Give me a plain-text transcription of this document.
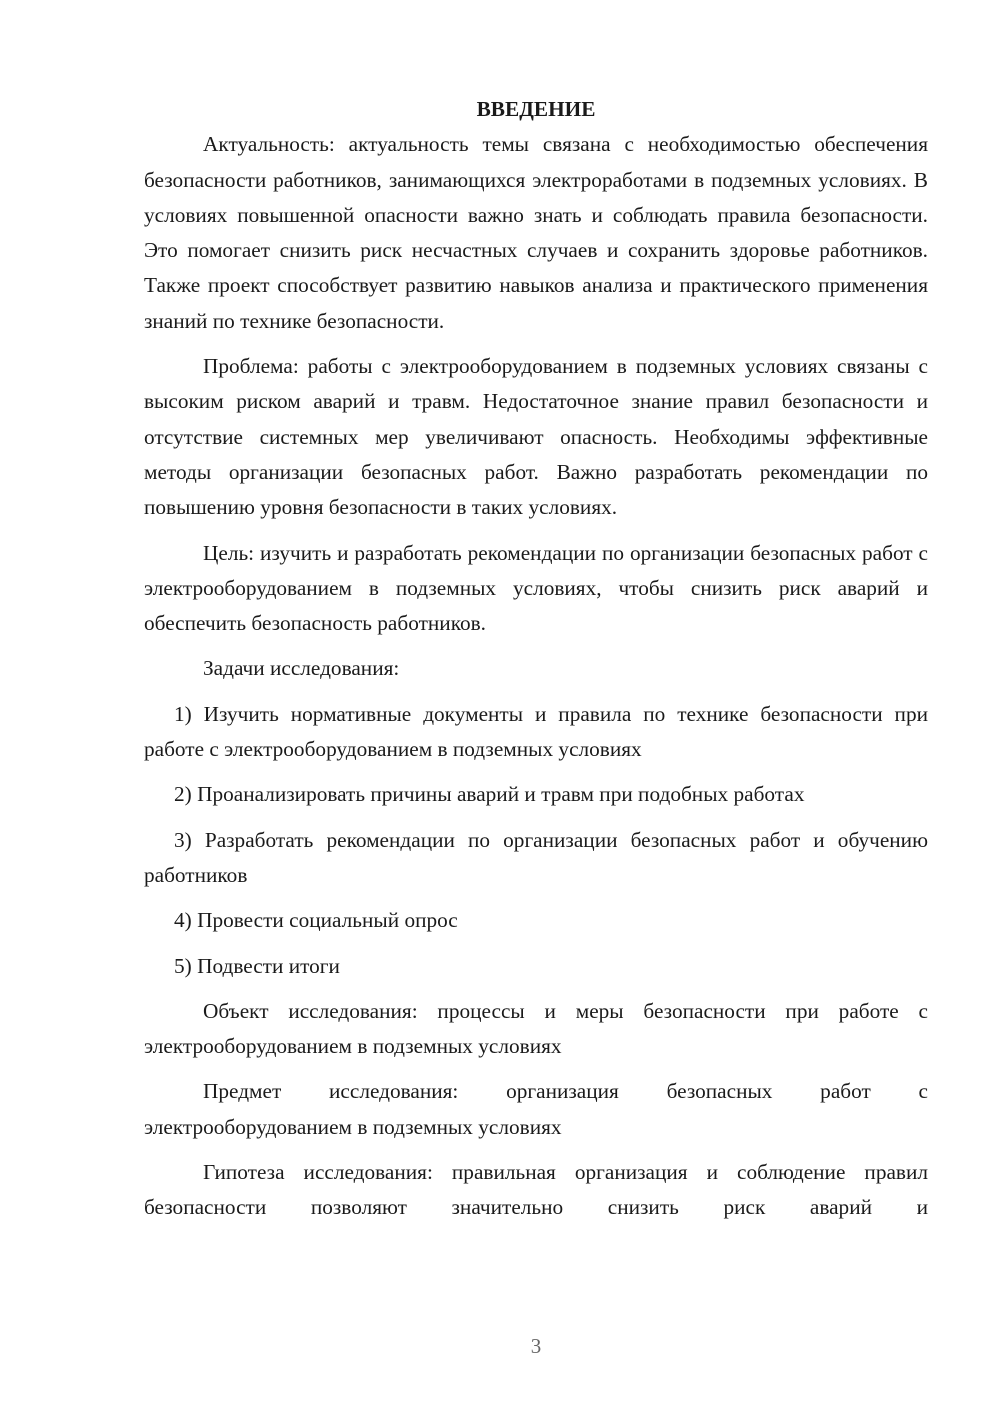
ВВЕДЕНИЕ

Актуальность: актуальность темы связана с необходимостью обеспечения безопасности работников, занимающихся электроработами в подземных условиях. В условиях повышенной опасности важно знать и соблюдать правила безопасности. Это помогает снизить риск несчастных случаев и сохранить здоровье работников. Также проект способствует развитию навыков анализа и практического применения знаний по технике безопасности.

Проблема: работы с электрооборудованием в подземных условиях связаны с высоким риском аварий и травм. Недостаточное знание правил безопасности и отсутствие системных мер увеличивают опасность. Необходимы эффективные методы организации безопасных работ. Важно разработать рекомендации по повышению уровня безопасности в таких условиях.

Цель: изучить и разработать рекомендации по организации безопасных работ с электрооборудованием в подземных условиях, чтобы снизить риск аварий и обеспечить безопасность работников.

Задачи исследования:

1) Изучить нормативные документы и правила по технике безопасности при работе с электрооборудованием в подземных условиях

2) Проанализировать причины аварий и травм при подобных работах

3) Разработать рекомендации по организации безопасных работ и обучению работников

4) Провести социальный опрос

5) Подвести итоги

Объект исследования: процессы и меры безопасности при работе с электрооборудованием в подземных условиях

Предмет исследования: организация безопасных работ с электрооборудованием в подземных условиях

Гипотеза исследования: правильная организация и соблюдение правил безопасности позволяют значительно снизить риск аварий и

3
